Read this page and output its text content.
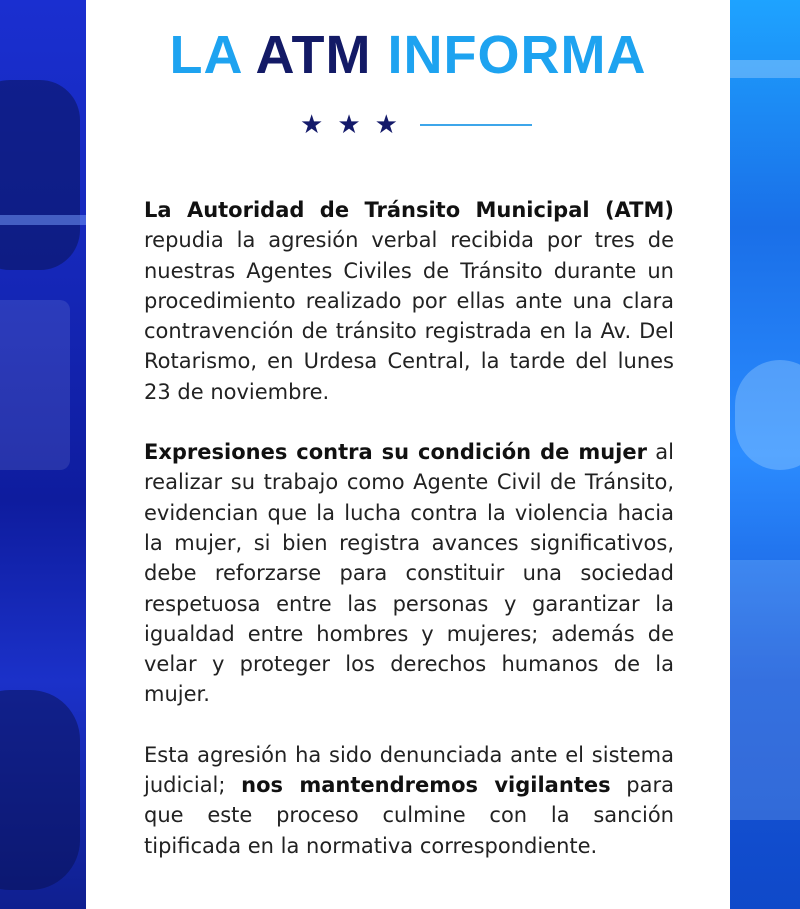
LA ATM INFORMA
★ ★ ★

La Autoridad de Tránsito Municipal (ATM) repudia la agresión verbal recibida por tres de nuestras Agentes Civiles de Tránsito durante un procedimiento realizado por ellas ante una clara contravención de tránsito registrada en la Av. Del Rotarismo, en Urdesa Central, la tarde del lunes 23 de noviembre.

Expresiones contra su condición de mujer al realizar su trabajo como Agente Civil de Tránsito, evidencian que la lucha contra la violencia hacia la mujer, si bien registra avances significativos, debe reforzarse para constituir una sociedad respetuosa entre las personas y garantizar la igualdad entre hombres y mujeres; además de velar y proteger los derechos humanos de la mujer.

Esta agresión ha sido denunciada ante el sistema judicial; nos mantendremos vigilantes para que este proceso culmine con la sanción tipificada en la normativa correspondiente.
